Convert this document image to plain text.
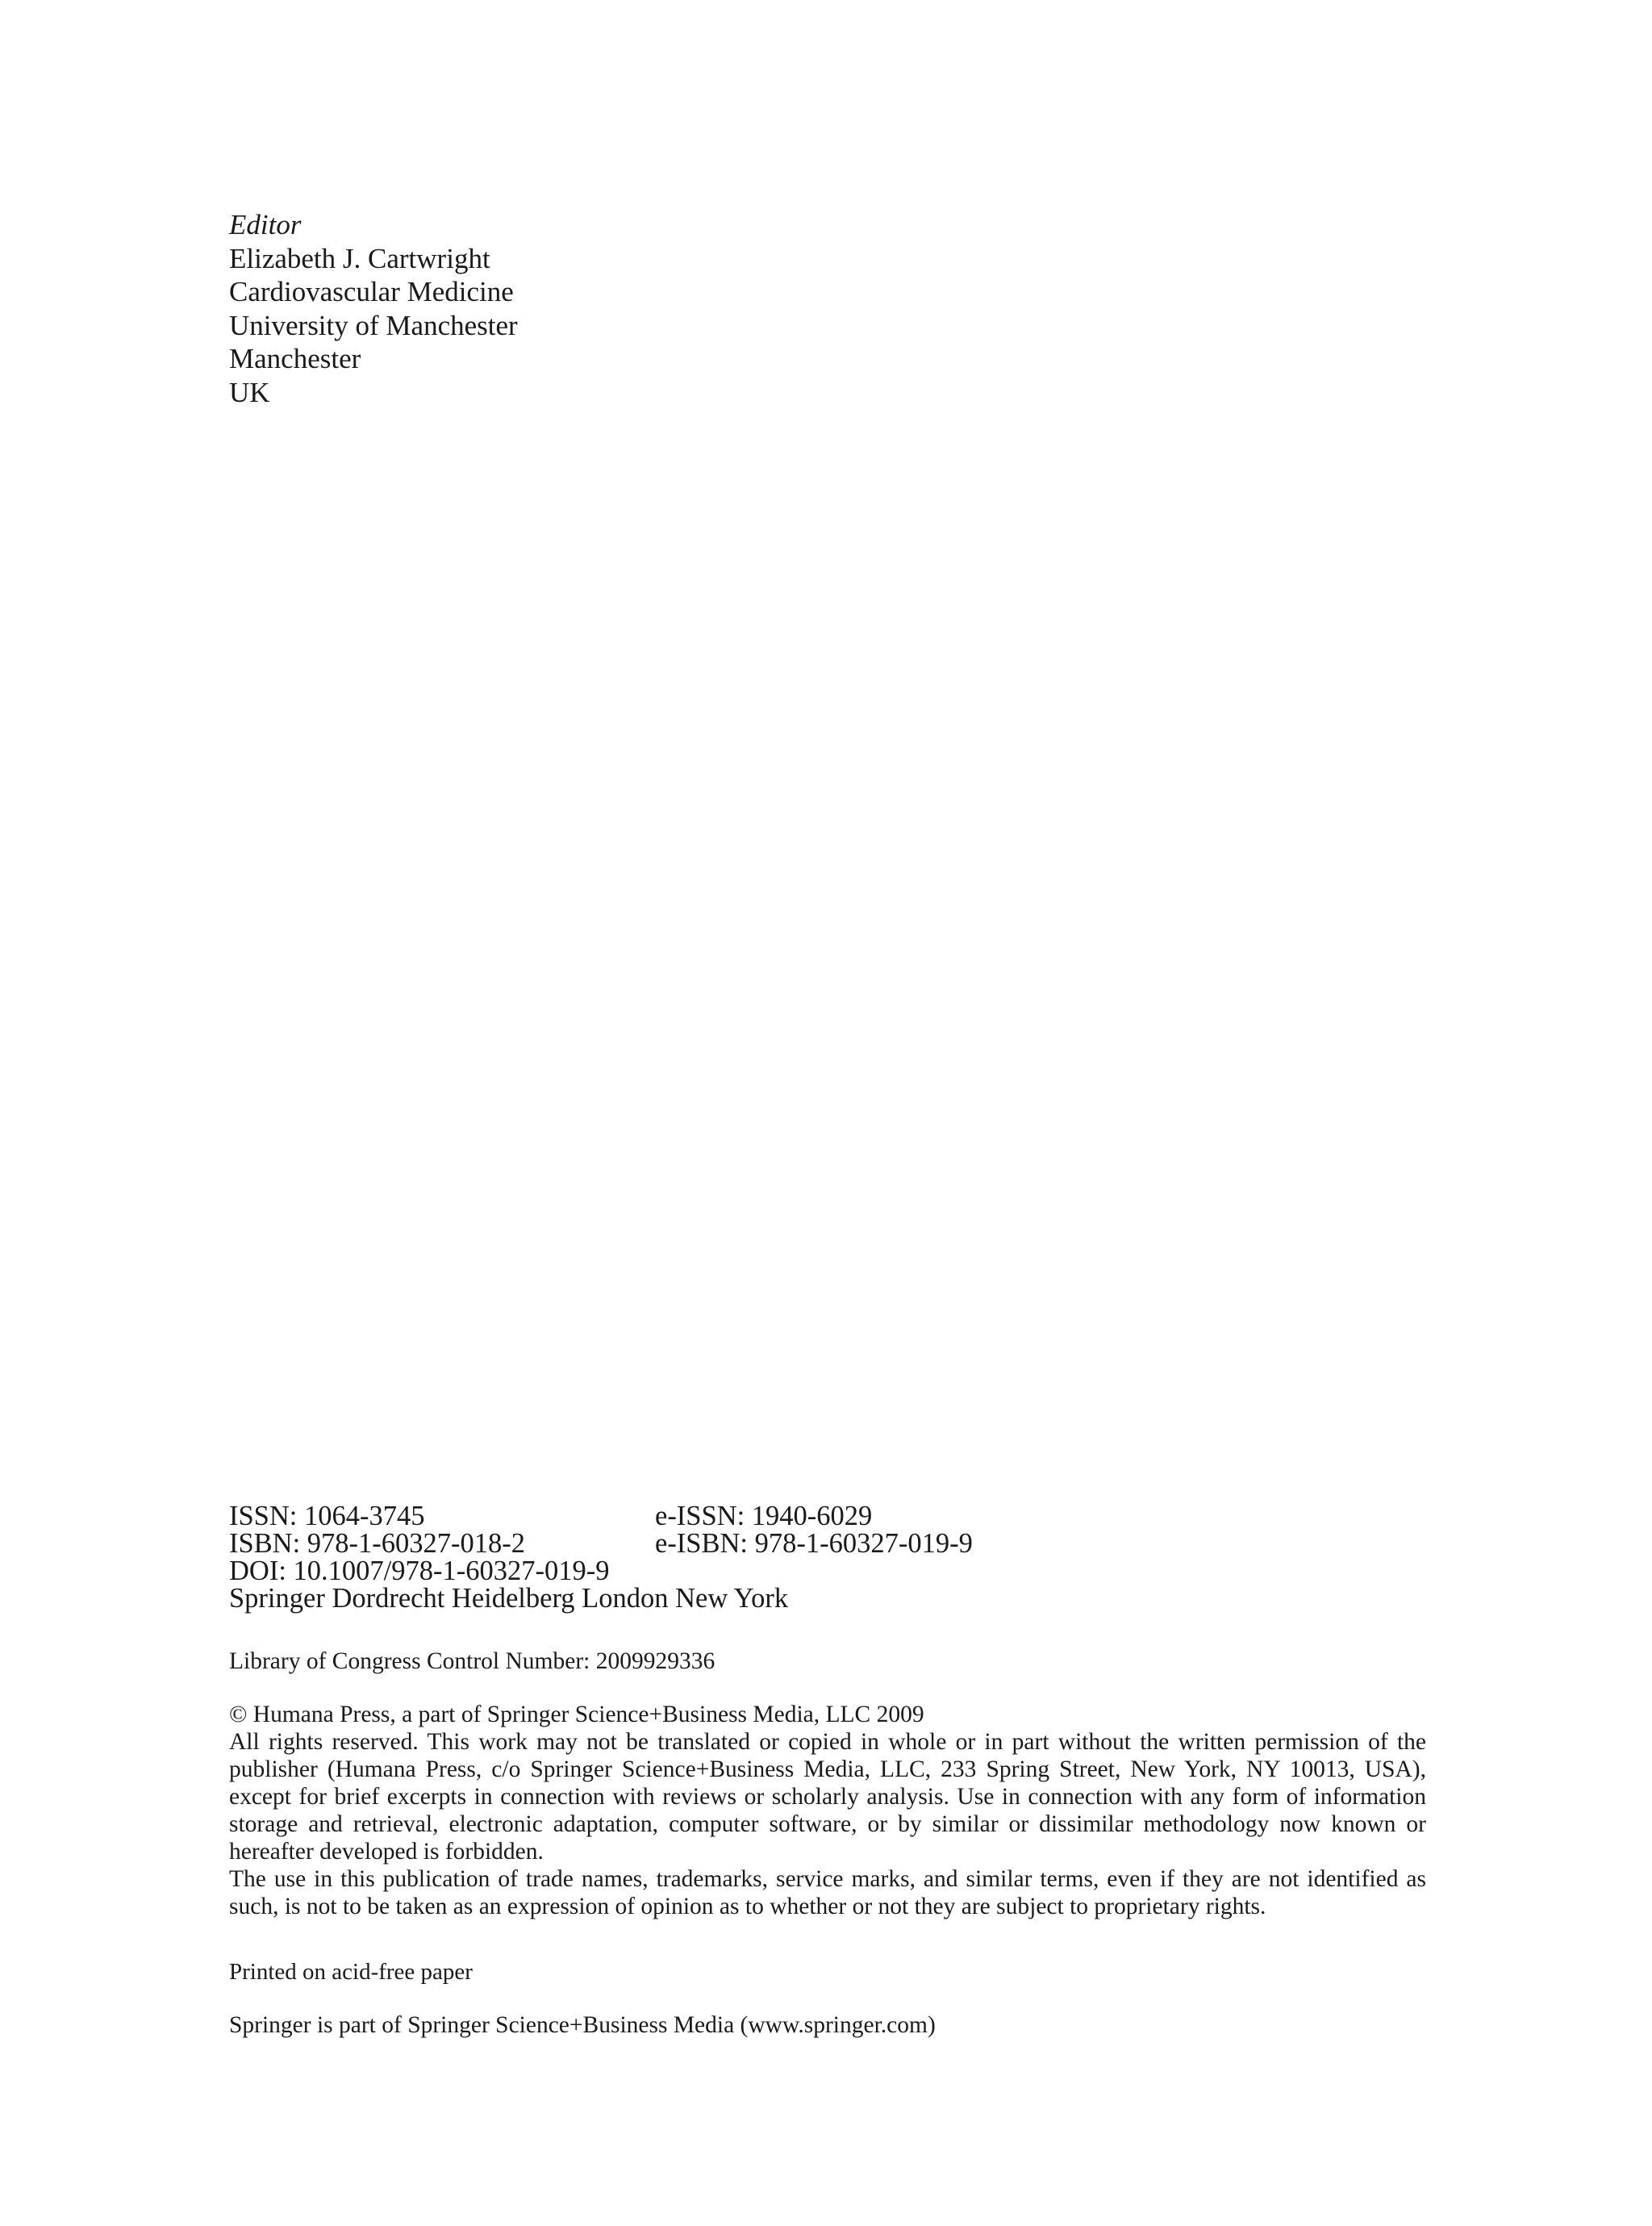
Editor
Elizabeth J. Cartwright
Cardiovascular Medicine
University of Manchester
Manchester
UK
ISSN: 1064-3745	e-ISSN: 1940-6029
ISBN: 978-1-60327-018-2	e-ISBN: 978-1-60327-019-9
DOI: 10.1007/978-1-60327-019-9
Springer Dordrecht Heidelberg London New York
Library of Congress Control Number: 2009929336
© Humana Press, a part of Springer Science+Business Media, LLC 2009
All rights reserved. This work may not be translated or copied in whole or in part without the written permission of the publisher (Humana Press, c/o Springer Science+Business Media, LLC, 233 Spring Street, New York, NY 10013, USA), except for brief excerpts in connection with reviews or scholarly analysis. Use in connection with any form of information storage and retrieval, electronic adaptation, computer software, or by similar or dissimilar methodology now known or hereafter developed is forbidden.
The use in this publication of trade names, trademarks, service marks, and similar terms, even if they are not identified as such, is not to be taken as an expression of opinion as to whether or not they are subject to proprietary rights.
Printed on acid-free paper
Springer is part of Springer Science+Business Media (www.springer.com)
